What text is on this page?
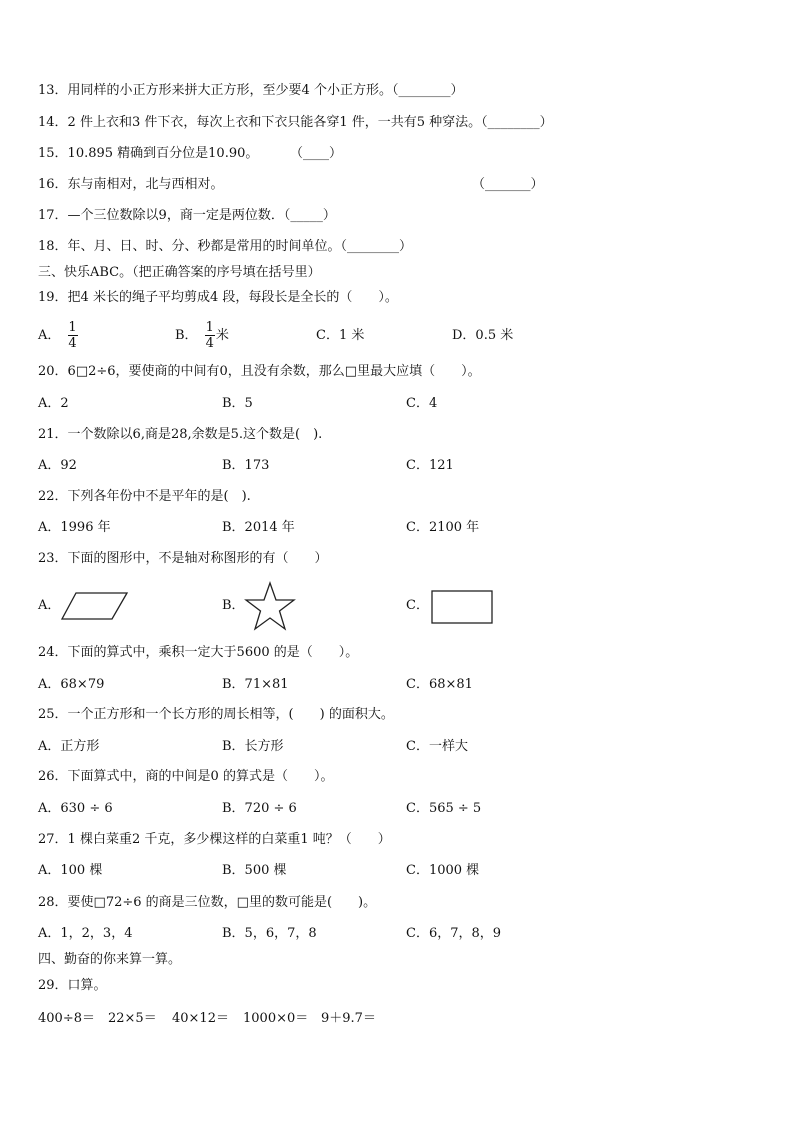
13．用同样的小正方形来拼大正方形，至少要4 个小正方形。（________）
14．2 件上衣和3 件下衣，每次上衣和下衣只能各穿1 件，一共有5 种穿法。（________）
15．10.895 精确到百分位是10.90。 （____）
16．东与南相对，北与西相对。	（_______）
17．—个三位数除以9，商一定是两位数．（_____）
18．年、月、日、时、分、秒都是常用的时间单位。（________）
三、快乐ABC。（把正确答案的序号填在括号里）
19．把4 米长的绳子平均剪成4 段，每段长是全长的（　　）。
A． $\frac{1}{4}$	B． $\frac{1}{4}$ 米	C．1 米	D．0.5 米
20．6□2÷6，要使商的中间有0，且没有余数，那么□里最大应填（　　）。
A．2	B．5	C．4
21．一个数除以6,商是28,余数是5.这个数是(　).
A．92	B．173	C．121
22．下列各年份中不是平年的是(　).
A．1996 年	B．2014 年	C．2100 年
23．下面的图形中，不是轴对称图形的有（　　）
A．	B．	C．
24．下面的算式中，乘积一定大于5600 的是（　　）。
A．68×79	B．71×81	C．68×81
25．一个正方形和一个长方形的周长相等，(　　) 的面积大。
A．正方形	B．长方形	C．一样大
26．下面算式中，商的中间是0 的算式是（　　）。
A．630 ÷ 6	B．720 ÷ 6	C．565 ÷ 5
27．1 棵白菜重2 千克，多少棵这样的白菜重1 吨？（　　）
A．100 棵	B．500 棵	C．1000 棵
28．要使□72÷6 的商是三位数，□里的数可能是(　　)。
A．1，2，3，4	B．5，6，7，8	C．6，7，8，9
四、勤奋的你来算一算。
29．口算。
400÷8＝ 22×5＝ 40×12＝ 1000×0＝ 9＋9.7＝
